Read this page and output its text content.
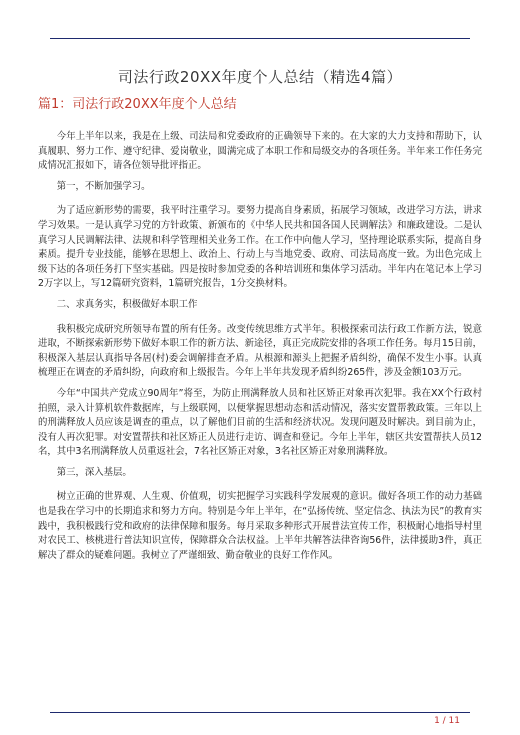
司法行政20XX年度个人总结（精选4篇）
篇1：司法行政20XX年度个人总结

今年上半年以来，我是在上级、司法局和党委政府的正确领导下来的。在大家的大力支持和帮助下，认真履职、努力工作、遵守纪律、爱岗敬业，圆满完成了本职工作和局级交办的各项任务。半年来工作任务完成情况汇报如下，请各位领导批评指正。

第一，不断加强学习。

为了适应新形势的需要，我平时注重学习。要努力提高自身素质，拓展学习领域，改进学习方法，讲求学习效果。一是认真学习党的方针政策、新颁布的《中华人民共和国各国人民调解法》和廉政建设。二是认真学习人民调解法律、法规和科学管理相关业务工作。在工作中向他人学习，坚持理论联系实际，提高自身素质。提升专业技能，能够在思想上、政治上、行动上与当地党委、政府、司法局高度一致。为出色完成上级下达的各项任务打下坚实基础。四是按时参加党委的各种培训班和集体学习活动。半年内在笔记本上学习2万字以上，写12篇研究资料，1篇研究报告，1分交换材料。

二、求真务实，积极做好本职工作

我积极完成研究所领导布置的所有任务。改变传统思维方式半年。积极探索司法行政工作新方法，锐意进取，不断探索新形势下做好本职工作的新方法、新途径，真正完成院安排的各项工作任务。每月15日前，积极深入基层认真指导各居(村)委会调解排查矛盾。从根源和源头上把握矛盾纠纷，确保不发生小事。认真梳理正在调查的矛盾纠纷，向政府和上级报告。今年上半年共发现矛盾纠纷265件，涉及金额103万元。

今年“中国共产党成立90周年”将至，为防止刑满释放人员和社区矫正对象再次犯罪。我在XX个行政村拍照，录入计算机软件数据库，与上级联网，以便掌握思想动态和活动情况，落实安置帮教政策。三年以上的刑满释放人员应该是调查的重点，以了解他们目前的生活和经济状况。发现问题及时解决。到目前为止，没有人再次犯罪。对安置帮扶和社区矫正人员进行走访、调查和登记。今年上半年，辖区共安置帮扶人员12名，其中3名刑满释放人员重返社会，7名社区矫正对象，3名社区矫正对象刑满释放。

第三，深入基层。

树立正确的世界观、人生观、价值观，切实把握学习实践科学发展观的意识。做好各项工作的动力基础也是我在学习中的长期追求和努力方向。特别是今年上半年，在“弘扬传统、坚定信念、执法为民”的教育实践中，我积极践行党和政府的法律保障和服务。每月采取多种形式开展普法宣传工作，积极耐心地指导村里对农民工、核桃进行普法知识宣传，保障群众合法权益。上半年共解答法律咨询56件，法律援助3件，真正解决了群众的疑难问题。我树立了严谨细致、勤奋敬业的良好工作作风。

1 / 11
